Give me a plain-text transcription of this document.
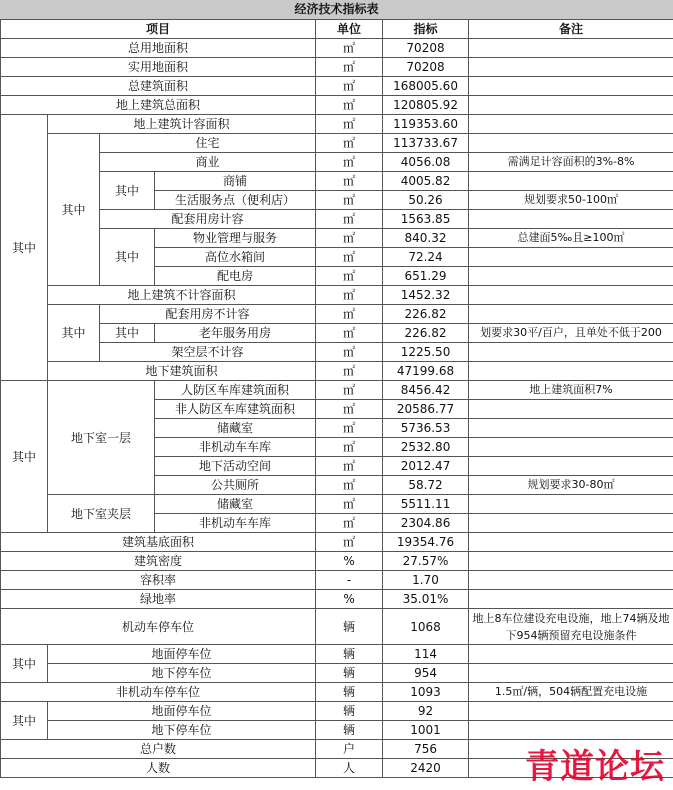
经济技术指标表
项目				单位	指标	备注
总用地面积				㎡	70208	
实用地面积				㎡	70208	
总建筑面积				㎡	168005.60	
地上建筑总面积				㎡	120805.92	
其中	地上建筑计容面积			㎡	119353.60	
	其中	住宅		㎡	113733.67	
		商业		㎡	4056.08	需满足计容面积的3%-8%
		其中	商铺	㎡	4005.82	
			生活服务点（便利店）	㎡	50.26	规划要求50-100㎡
		配套用房计容		㎡	1563.85	
		其中	物业管理与服务	㎡	840.32	总建面5‰且≥100㎡
			高位水箱间	㎡	72.24	
			配电房	㎡	651.29	
	地上建筑不计容面积			㎡	1452.32	
	其中	配套用房不计容		㎡	226.82	
		其中	老年服务用房	㎡	226.82	划要求30平/百户，且单处不低于200
		架空层不计容		㎡	1225.50	
	地下建筑面积			㎡	47199.68	
其中	地下室一层		人防区车库建筑面积	㎡	8456.42	地上建筑面积7%
			非人防区车库建筑面积	㎡	20586.77	
			储藏室	㎡	5736.53	
			非机动车车库	㎡	2532.80	
			地下活动空间	㎡	2012.47	
			公共厕所	㎡	58.72	规划要求30-80㎡
	地下室夹层		储藏室	㎡	5511.11	
			非机动车车库	㎡	2304.86	
建筑基底面积				㎡	19354.76	
建筑密度				%	27.57%	
容积率				-	1.70	
绿地率				%	35.01%	
机动车停车位				辆	1068	地上8车位建设充电设施，地上74辆及地下954辆预留充电设施条件
其中	地面停车位			辆	114	
	地下停车位			辆	954	
非机动车停车位				辆	1093	1.5㎡/辆，504辆配置充电设施
其中	地面停车位			辆	92	
	地下停车位			辆	1001	
总户数				户	756	
人数				人	2420	青道论坛
